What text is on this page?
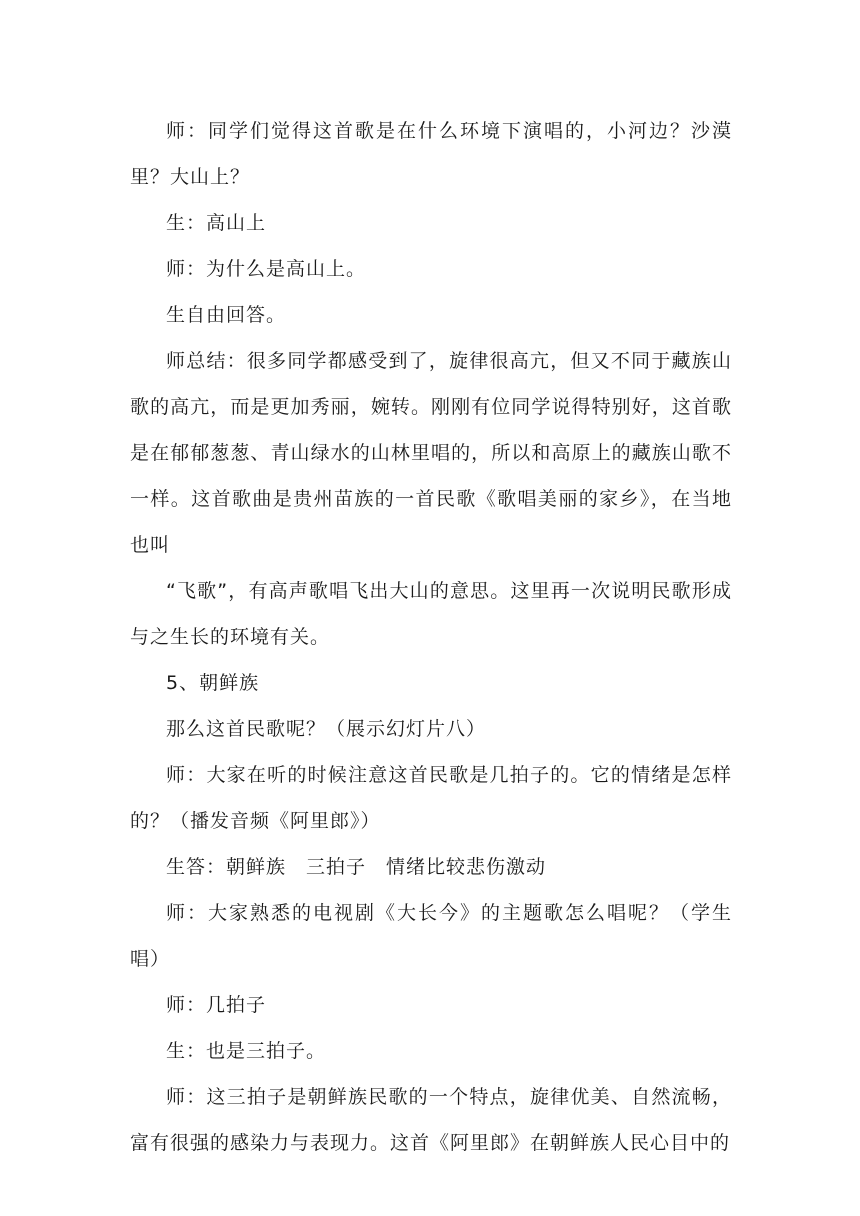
师：同学们觉得这首歌是在什么环境下演唱的，小河边？沙漠里？大山上？

生：高山上

师：为什么是高山上。

生自由回答。

师总结：很多同学都感受到了，旋律很高亢，但又不同于藏族山歌的高亢，而是更加秀丽，婉转。刚刚有位同学说得特别好，这首歌是在郁郁葱葱、青山绿水的山林里唱的，所以和高原上的藏族山歌不一样。这首歌曲是贵州苗族的一首民歌《歌唱美丽的家乡》，在当地也叫

“飞歌”，有高声歌唱飞出大山的意思。这里再一次说明民歌形成与之生长的环境有关。

5、朝鲜族

那么这首民歌呢？（展示幻灯片八）

师：大家在听的时候注意这首民歌是几拍子的。它的情绪是怎样的？（播发音频《阿里郎》）

生答：朝鲜族　三拍子　情绪比较悲伤激动

师：大家熟悉的电视剧《大长今》的主题歌怎么唱呢？（学生唱）

师：几拍子

生：也是三拍子。

师：这三拍子是朝鲜族民歌的一个特点，旋律优美、自然流畅，富有很强的感染力与表现力。这首《阿里郎》在朝鲜族人民心目中的
